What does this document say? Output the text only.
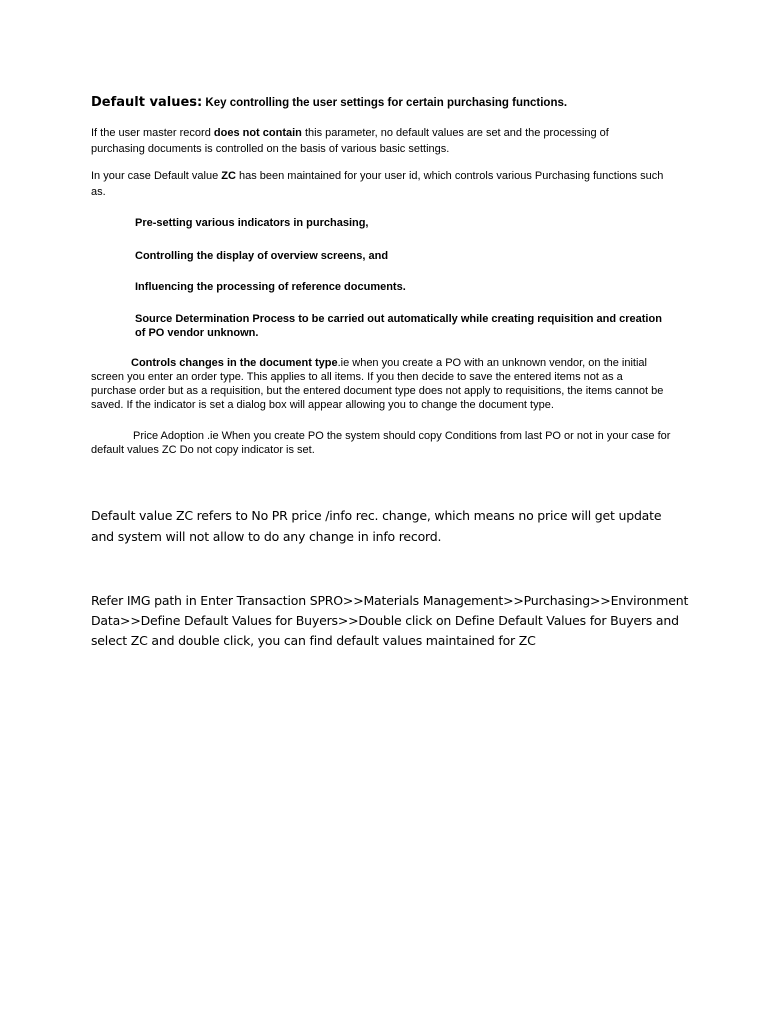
Default values: Key controlling the user settings for certain purchasing functions.

If the user master record does not contain this parameter, no default values are set and the processing of purchasing documents is controlled on the basis of various basic settings.

In your case Default value ZC has been maintained for your user id, which controls various Purchasing functions such as.

Pre-setting various indicators in purchasing,

Controlling the display of overview screens, and

Influencing the processing of reference documents.

Source Determination Process to be carried out automatically while creating requisition and creation of PO vendor unknown.

Controls changes in the document type.ie when you create a PO with an unknown vendor, on the initial screen you enter an order type. This applies to all items. If you then decide to save the entered items not as a purchase order but as a requisition, but the entered document type does not apply to requisitions, the items cannot be saved. If the indicator is set a dialog box will appear allowing you to change the document type.

Price Adoption .ie When you create PO the system should copy Conditions from last PO or not in your case for default values ZC Do not copy indicator is set.

Default value ZC refers to No PR price /info rec. change, which means no price will get update and system will not allow to do any change in info record.

Refer IMG path in Enter Transaction SPRO>>Materials Management>>Purchasing>>Environment Data>>Define Default Values for Buyers>>Double click on Define Default Values for Buyers and select ZC and double click, you can find default values maintained for ZC
